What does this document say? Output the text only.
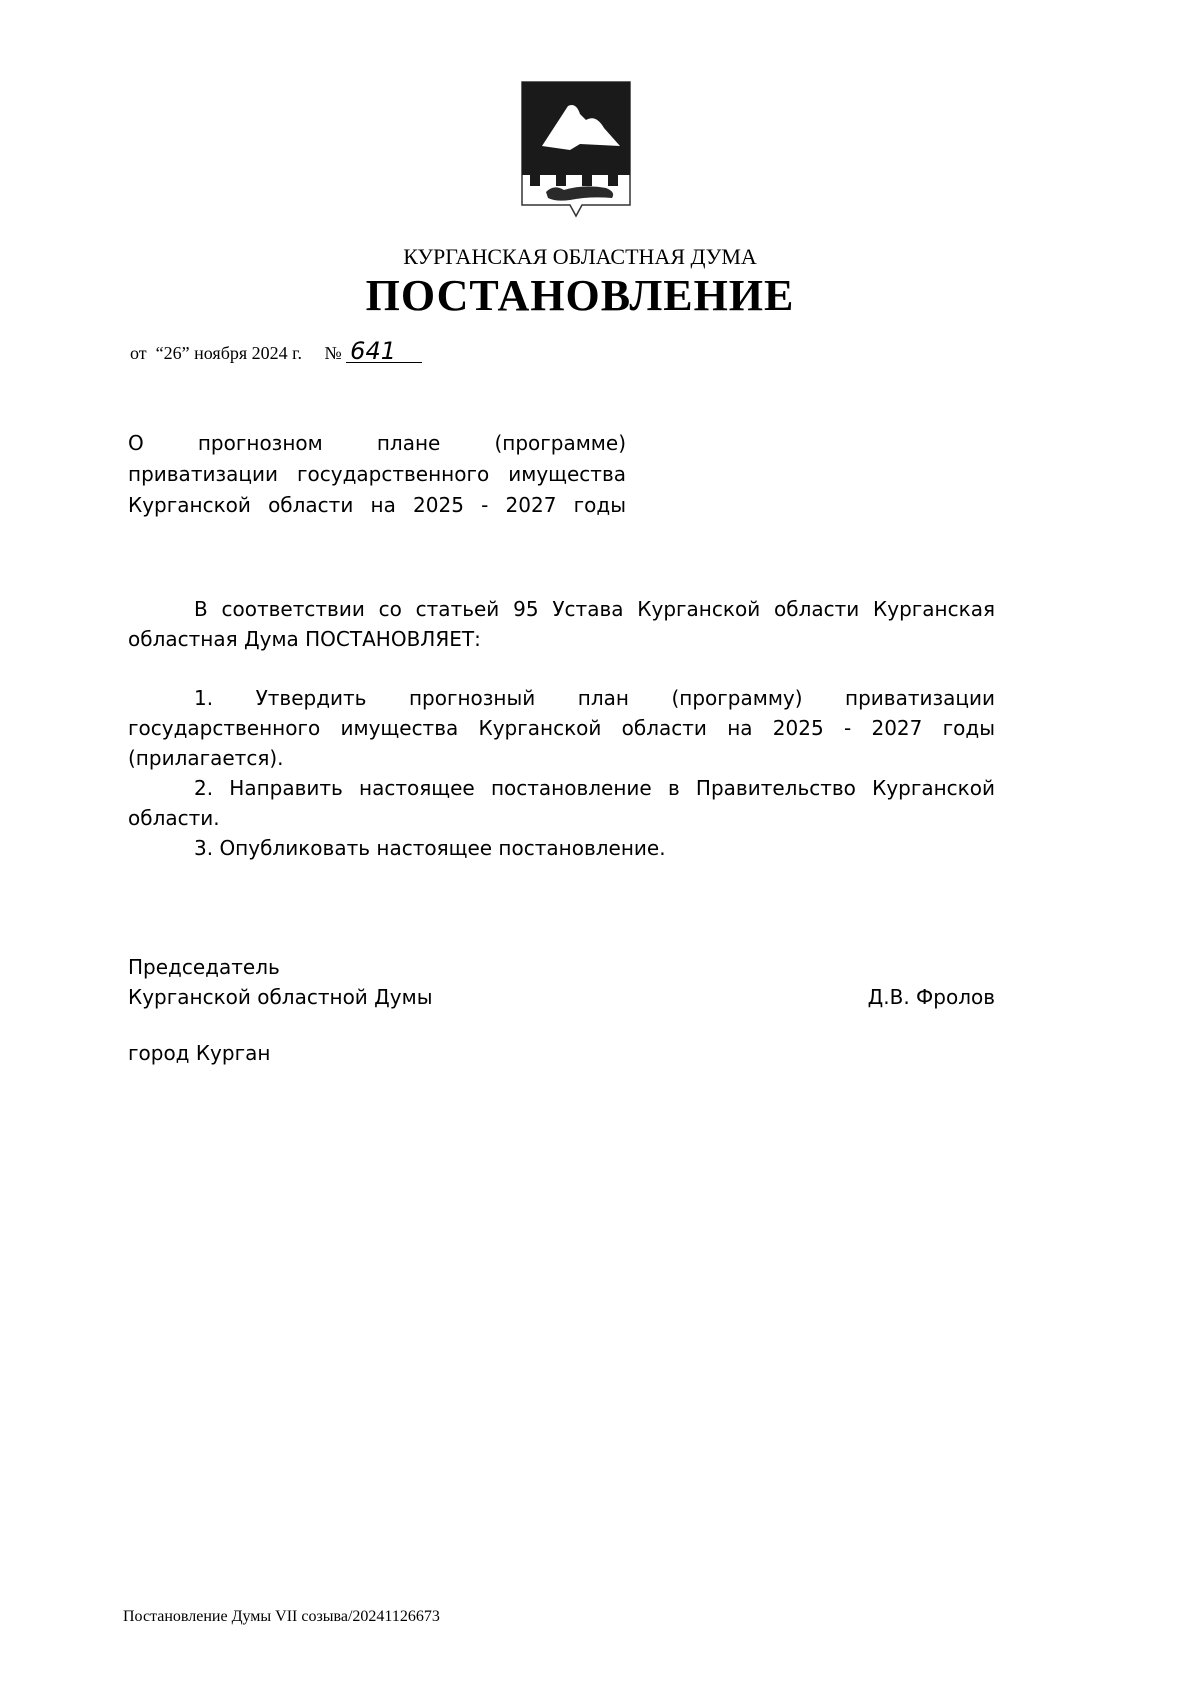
КУРГАНСКАЯ ОБЛАСТНАЯ ДУМА
ПОСТАНОВЛЕНИЕ
от “26” ноября 2024 г. № 641
О прогнозном плане (программе)
приватизации государственного имущества
Курганской области на 2025 - 2027 годы

В соответствии со статьей 95 Устава Курганской области Курганская областная Дума ПОСТАНОВЛЯЕТ:

1. Утвердить прогнозный план (программу) приватизации государственного имущества Курганской области на 2025 - 2027 годы (прилагается).

2. Направить настоящее постановление в Правительство Курганской области.

3. Опубликовать настоящее постановление.

Председатель
Курганской областной Думы	Д.В. Фролов
город Курган
Постановление Думы VII созыва/20241126673
